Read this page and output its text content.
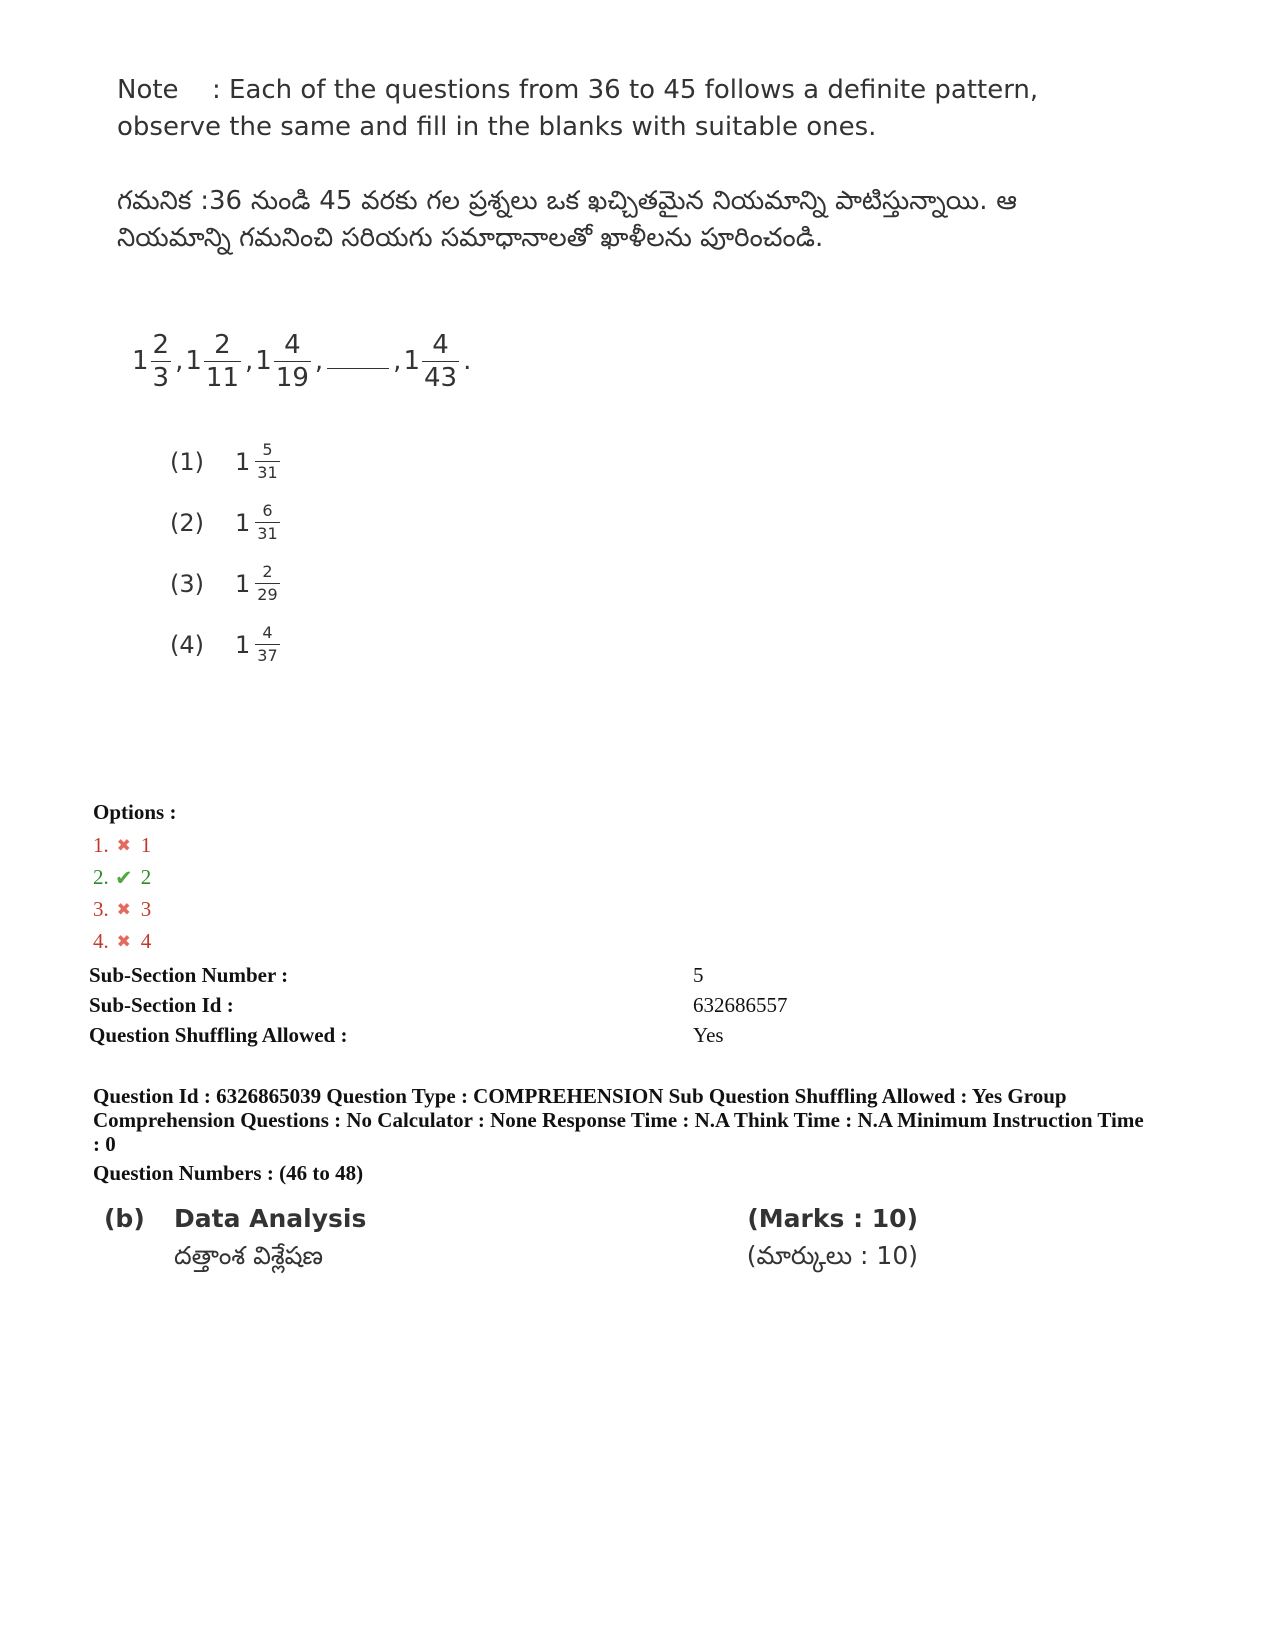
Note : Each of the questions from 36 to 45 follows a definite pattern,
observe the same and fill in the blanks with suitable ones.
గమనిక :36 నుండి 45 వరకు గల ప్రశ్నలు ఒక ఖచ్చితమైన నియమాన్ని పాటిస్తున్నాయి. ఆ నియమాన్ని గమనించి సరియగు సమాధానాలతో ఖాళీలను పూరించండి.
$1 \frac{2}{3}$ , $1 \frac{2}{11}$ , $1 \frac{4}{19}$ ,	, $1 \frac{4}{43}$ .
(1)	$1 \frac{5}{31}$
(2)	$1 \frac{6}{31}$
(3)	$1 \frac{2}{29}$
(4)	$1 \frac{4}{37}$
Options :
1. ✖ 1
2. ✔ 2
3. ✖ 3
4. ✖ 4
Sub-Section Number :	5
Sub-Section Id :	632686557
Question Shuffling Allowed :	Yes
Question Id : 6326865039 Question Type : COMPREHENSION Sub Question Shuffling Allowed : Yes Group Comprehension Questions : No Calculator : None Response Time : N.A Think Time : N.A Minimum Instruction Time : 0
Question Numbers : (46 to 48)
(b) Data Analysis	(Marks : 10)
దత్తాంశ విశ్లేషణ	(మార్కులు : 10)
